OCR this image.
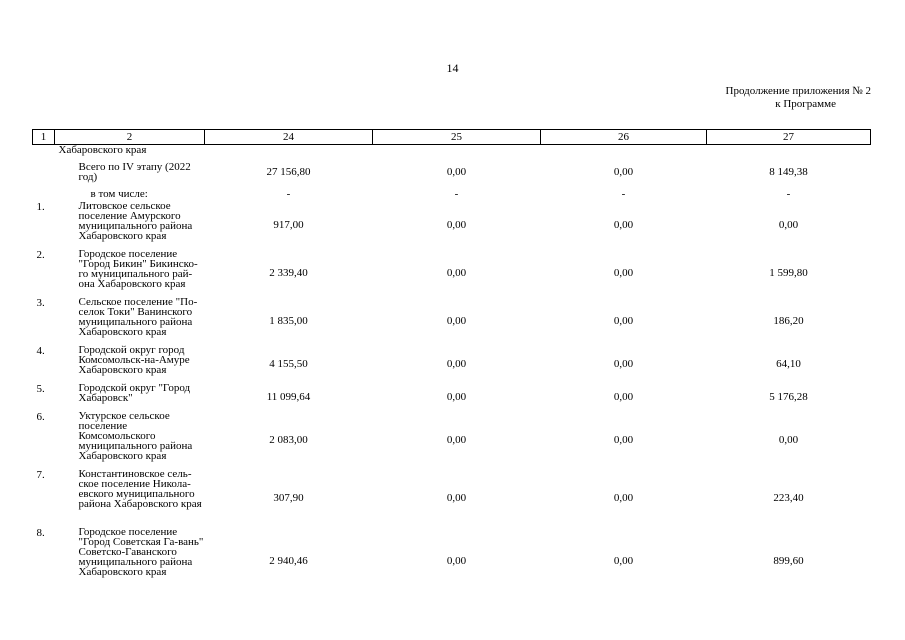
14
Продолжение приложения № 2
к Программе
1	2	24	25	26	27
	Хабаровского края				
	Всего по IV этапу (2022 год)	27 156,80	0,00	0,00	8 149,38
	в том числе:	-	-	-	-
1.	Литовское сельское поселение Амурского муниципального района Хабаровского края	917,00	0,00	0,00	0,00
2.	Городское поселение "Город Бикин" Бикинско-го муниципального рай-она Хабаровского края	2 339,40	0,00	0,00	1 599,80
3.	Сельское поселение "По-селок Токи" Ванинского муниципального района Хабаровского края	1 835,00	0,00	0,00	186,20
4.	Городской округ город Комсомольск-на-Амуре Хабаровского края	4 155,50	0,00	0,00	64,10
5.	Городской округ "Город Хабаровск"	11 099,64	0,00	0,00	5 176,28
6.	Уктурское сельское поселение Комсомольского муниципального района Хабаровского края	2 083,00	0,00	0,00	0,00
7.	Константиновское сель-ское поселение Никола-евского муниципального района Хабаровского края	307,90	0,00	0,00	223,40
8.	Городское поселение "Город Советская Га-вань" Советско-Гаванского муниципального района Хабаровского края	2 940,46	0,00	0,00	899,60
